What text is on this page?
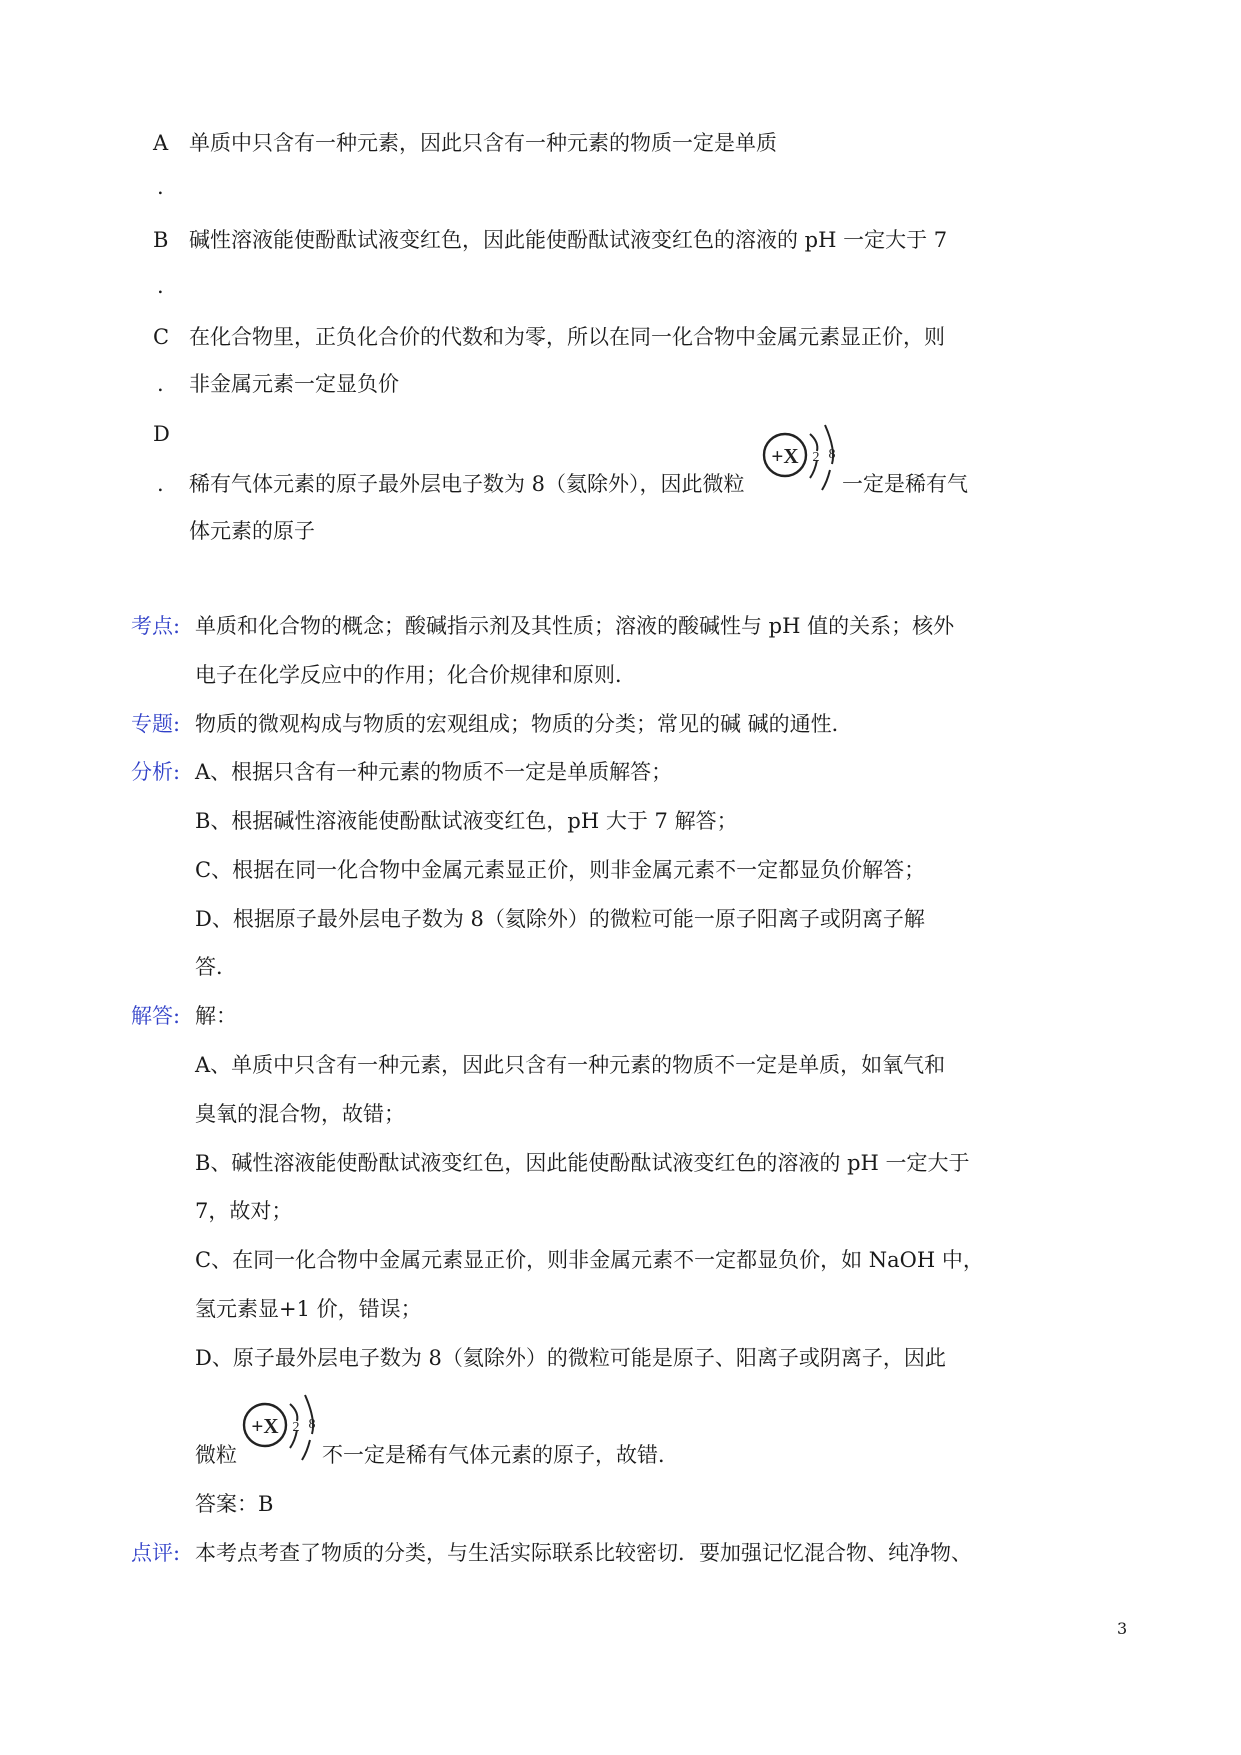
A 单质中只含有一种元素，因此只含有一种元素的物质一定是单质
.
B 碱性溶液能使酚酞试液变红色，因此能使酚酞试液变红色的溶液的 pH 一定大于 7
.
C 在化合物里，正负化合价的代数和为零，所以在同一化合物中金属元素显正价，则
. 非金属元素一定显负价
D
. 稀有气体元素的原子最外层电子数为 8（氦除外），因此微粒
+X 2 8
一定是稀有气
体元素的原子
考点: 单质和化合物的概念；酸碱指示剂及其性质；溶液的酸碱性与 pH 值的关系；核外
电子在化学反应中的作用；化合价规律和原则．
专题: 物质的微观构成与物质的宏观组成；物质的分类；常见的碱 碱的通性．
分析: A、根据只含有一种元素的物质不一定是单质解答；
B、根据碱性溶液能使酚酞试液变红色，pH 大于 7 解答；
C、根据在同一化合物中金属元素显正价，则非金属元素不一定都显负价解答；
D、根据原子最外层电子数为 8（氦除外）的微粒可能一原子阳离子或阴离子解
答．
解答: 解：
A、单质中只含有一种元素，因此只含有一种元素的物质不一定是单质，如氧气和
臭氧的混合物，故错；
B、碱性溶液能使酚酞试液变红色，因此能使酚酞试液变红色的溶液的 pH 一定大于
7，故对；
C、在同一化合物中金属元素显正价，则非金属元素不一定都显负价，如 NaOH 中，
氢元素显+1 价，错误；
D、原子最外层电子数为 8（氦除外）的微粒可能是原子、阳离子或阴离子，因此
微粒
+X 2 8
不一定是稀有气体元素的原子，故错．
答案：B
点评: 本考点考查了物质的分类，与生活实际联系比较密切．要加强记忆混合物、纯净物、
3
